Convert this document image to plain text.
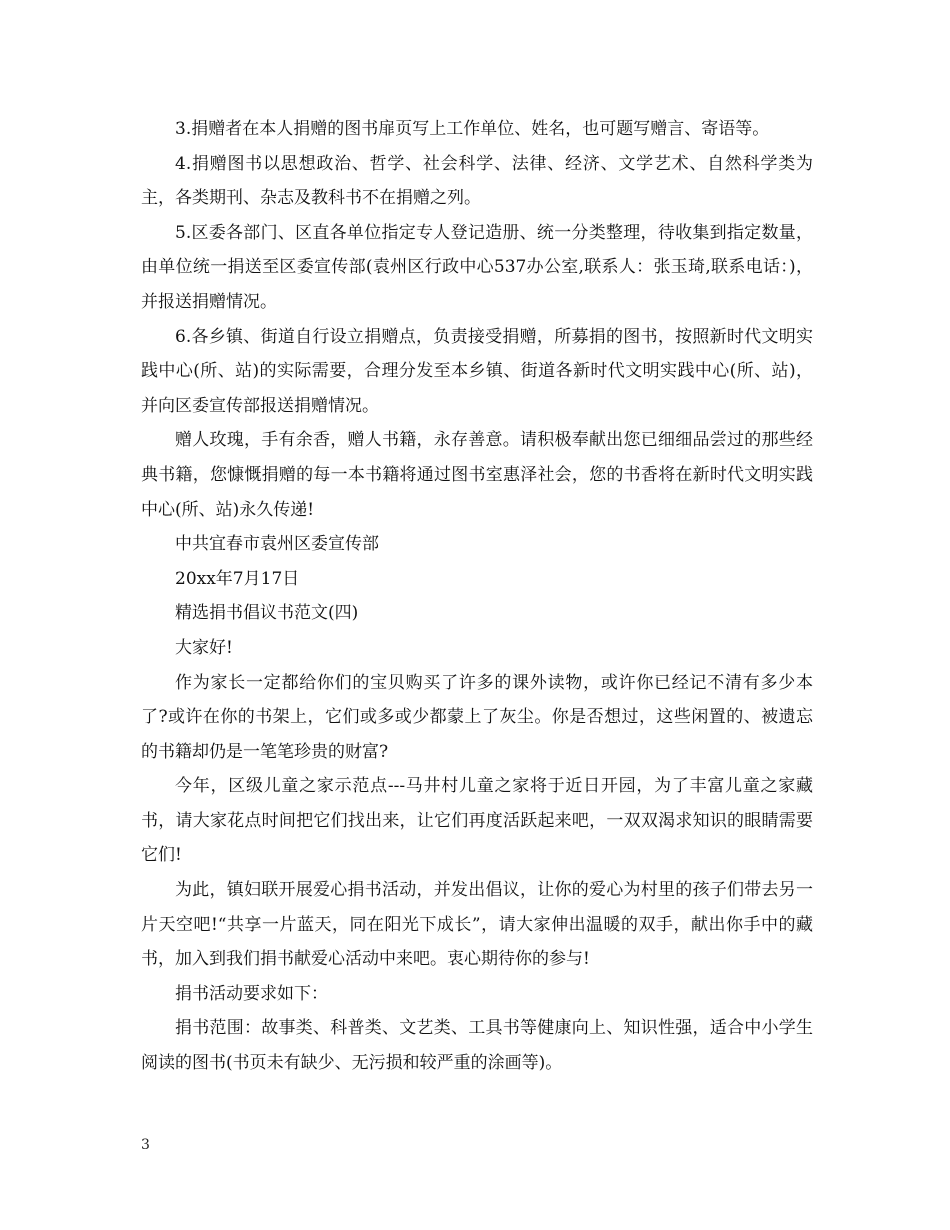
3.捐赠者在本人捐赠的图书扉页写上工作单位、姓名，也可题写赠言、寄语等。

4.捐赠图书以思想政治、哲学、社会科学、法律、经济、文学艺术、自然科学类为主，各类期刊、杂志及教科书不在捐赠之列。

5.区委各部门、区直各单位指定专人登记造册、统一分类整理，待收集到指定数量，由单位统一捐送至区委宣传部(袁州区行政中心537办公室,联系人：张玉琦,联系电话：)，并报送捐赠情况。

6.各乡镇、街道自行设立捐赠点，负责接受捐赠，所募捐的图书，按照新时代文明实践中心(所、站)的实际需要，合理分发至本乡镇、街道各新时代文明实践中心(所、站)，并向区委宣传部报送捐赠情况。

赠人玫瑰，手有余香，赠人书籍，永存善意。请积极奉献出您已细细品尝过的那些经典书籍，您慷慨捐赠的每一本书籍将通过图书室惠泽社会，您的书香将在新时代文明实践中心(所、站)永久传递!

中共宜春市袁州区委宣传部

20xx年7月17日

精选捐书倡议书范文(四)

大家好!

作为家长一定都给你们的宝贝购买了许多的课外读物，或许你已经记不清有多少本了?或许在你的书架上，它们或多或少都蒙上了灰尘。你是否想过，这些闲置的、被遗忘的书籍却仍是一笔笔珍贵的财富?

今年，区级儿童之家示范点---马井村儿童之家将于近日开园，为了丰富儿童之家藏书，请大家花点时间把它们找出来，让它们再度活跃起来吧，一双双渴求知识的眼睛需要它们!

为此，镇妇联开展爱心捐书活动，并发出倡议，让你的爱心为村里的孩子们带去另一片天空吧!“共享一片蓝天，同在阳光下成长”，请大家伸出温暖的双手，献出你手中的藏书，加入到我们捐书献爱心活动中来吧。衷心期待你的参与!

捐书活动要求如下：

捐书范围：故事类、科普类、文艺类、工具书等健康向上、知识性强，适合中小学生阅读的图书(书页未有缺少、无污损和较严重的涂画等)。

3
